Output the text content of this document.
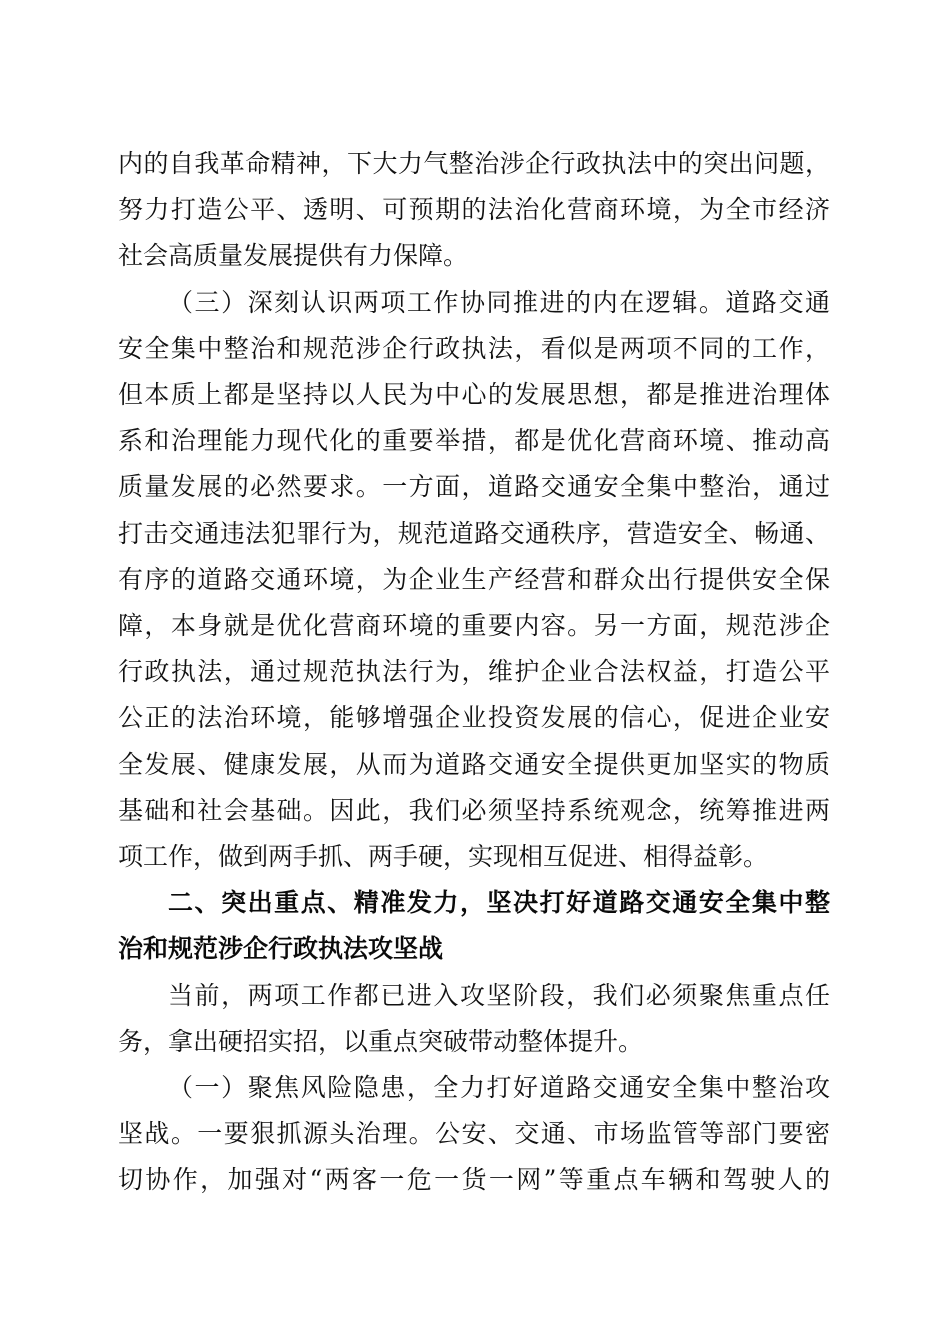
内的自我革命精神，下大力气整治涉企行政执法中的突出问题，
努力打造公平、透明、可预期的法治化营商环境，为全市经济
社会高质量发展提供有力保障。
（三）深刻认识两项工作协同推进的内在逻辑。道路交通
安全集中整治和规范涉企行政执法，看似是两项不同的工作，
但本质上都是坚持以人民为中心的发展思想，都是推进治理体
系和治理能力现代化的重要举措，都是优化营商环境、推动高
质量发展的必然要求。一方面，道路交通安全集中整治，通过
打击交通违法犯罪行为，规范道路交通秩序，营造安全、畅通、
有序的道路交通环境，为企业生产经营和群众出行提供安全保
障，本身就是优化营商环境的重要内容。另一方面，规范涉企
行政执法，通过规范执法行为，维护企业合法权益，打造公平
公正的法治环境，能够增强企业投资发展的信心，促进企业安
全发展、健康发展，从而为道路交通安全提供更加坚实的物质
基础和社会基础。因此，我们必须坚持系统观念，统筹推进两
项工作，做到两手抓、两手硬，实现相互促进、相得益彰。
二、突出重点、精准发力，坚决打好道路交通安全集中整
治和规范涉企行政执法攻坚战
当前，两项工作都已进入攻坚阶段，我们必须聚焦重点任
务，拿出硬招实招，以重点突破带动整体提升。
（一）聚焦风险隐患，全力打好道路交通安全集中整治攻
坚战。一要狠抓源头治理。公安、交通、市场监管等部门要密
切协作，加强对“两客一危一货一网”等重点车辆和驾驶人的
